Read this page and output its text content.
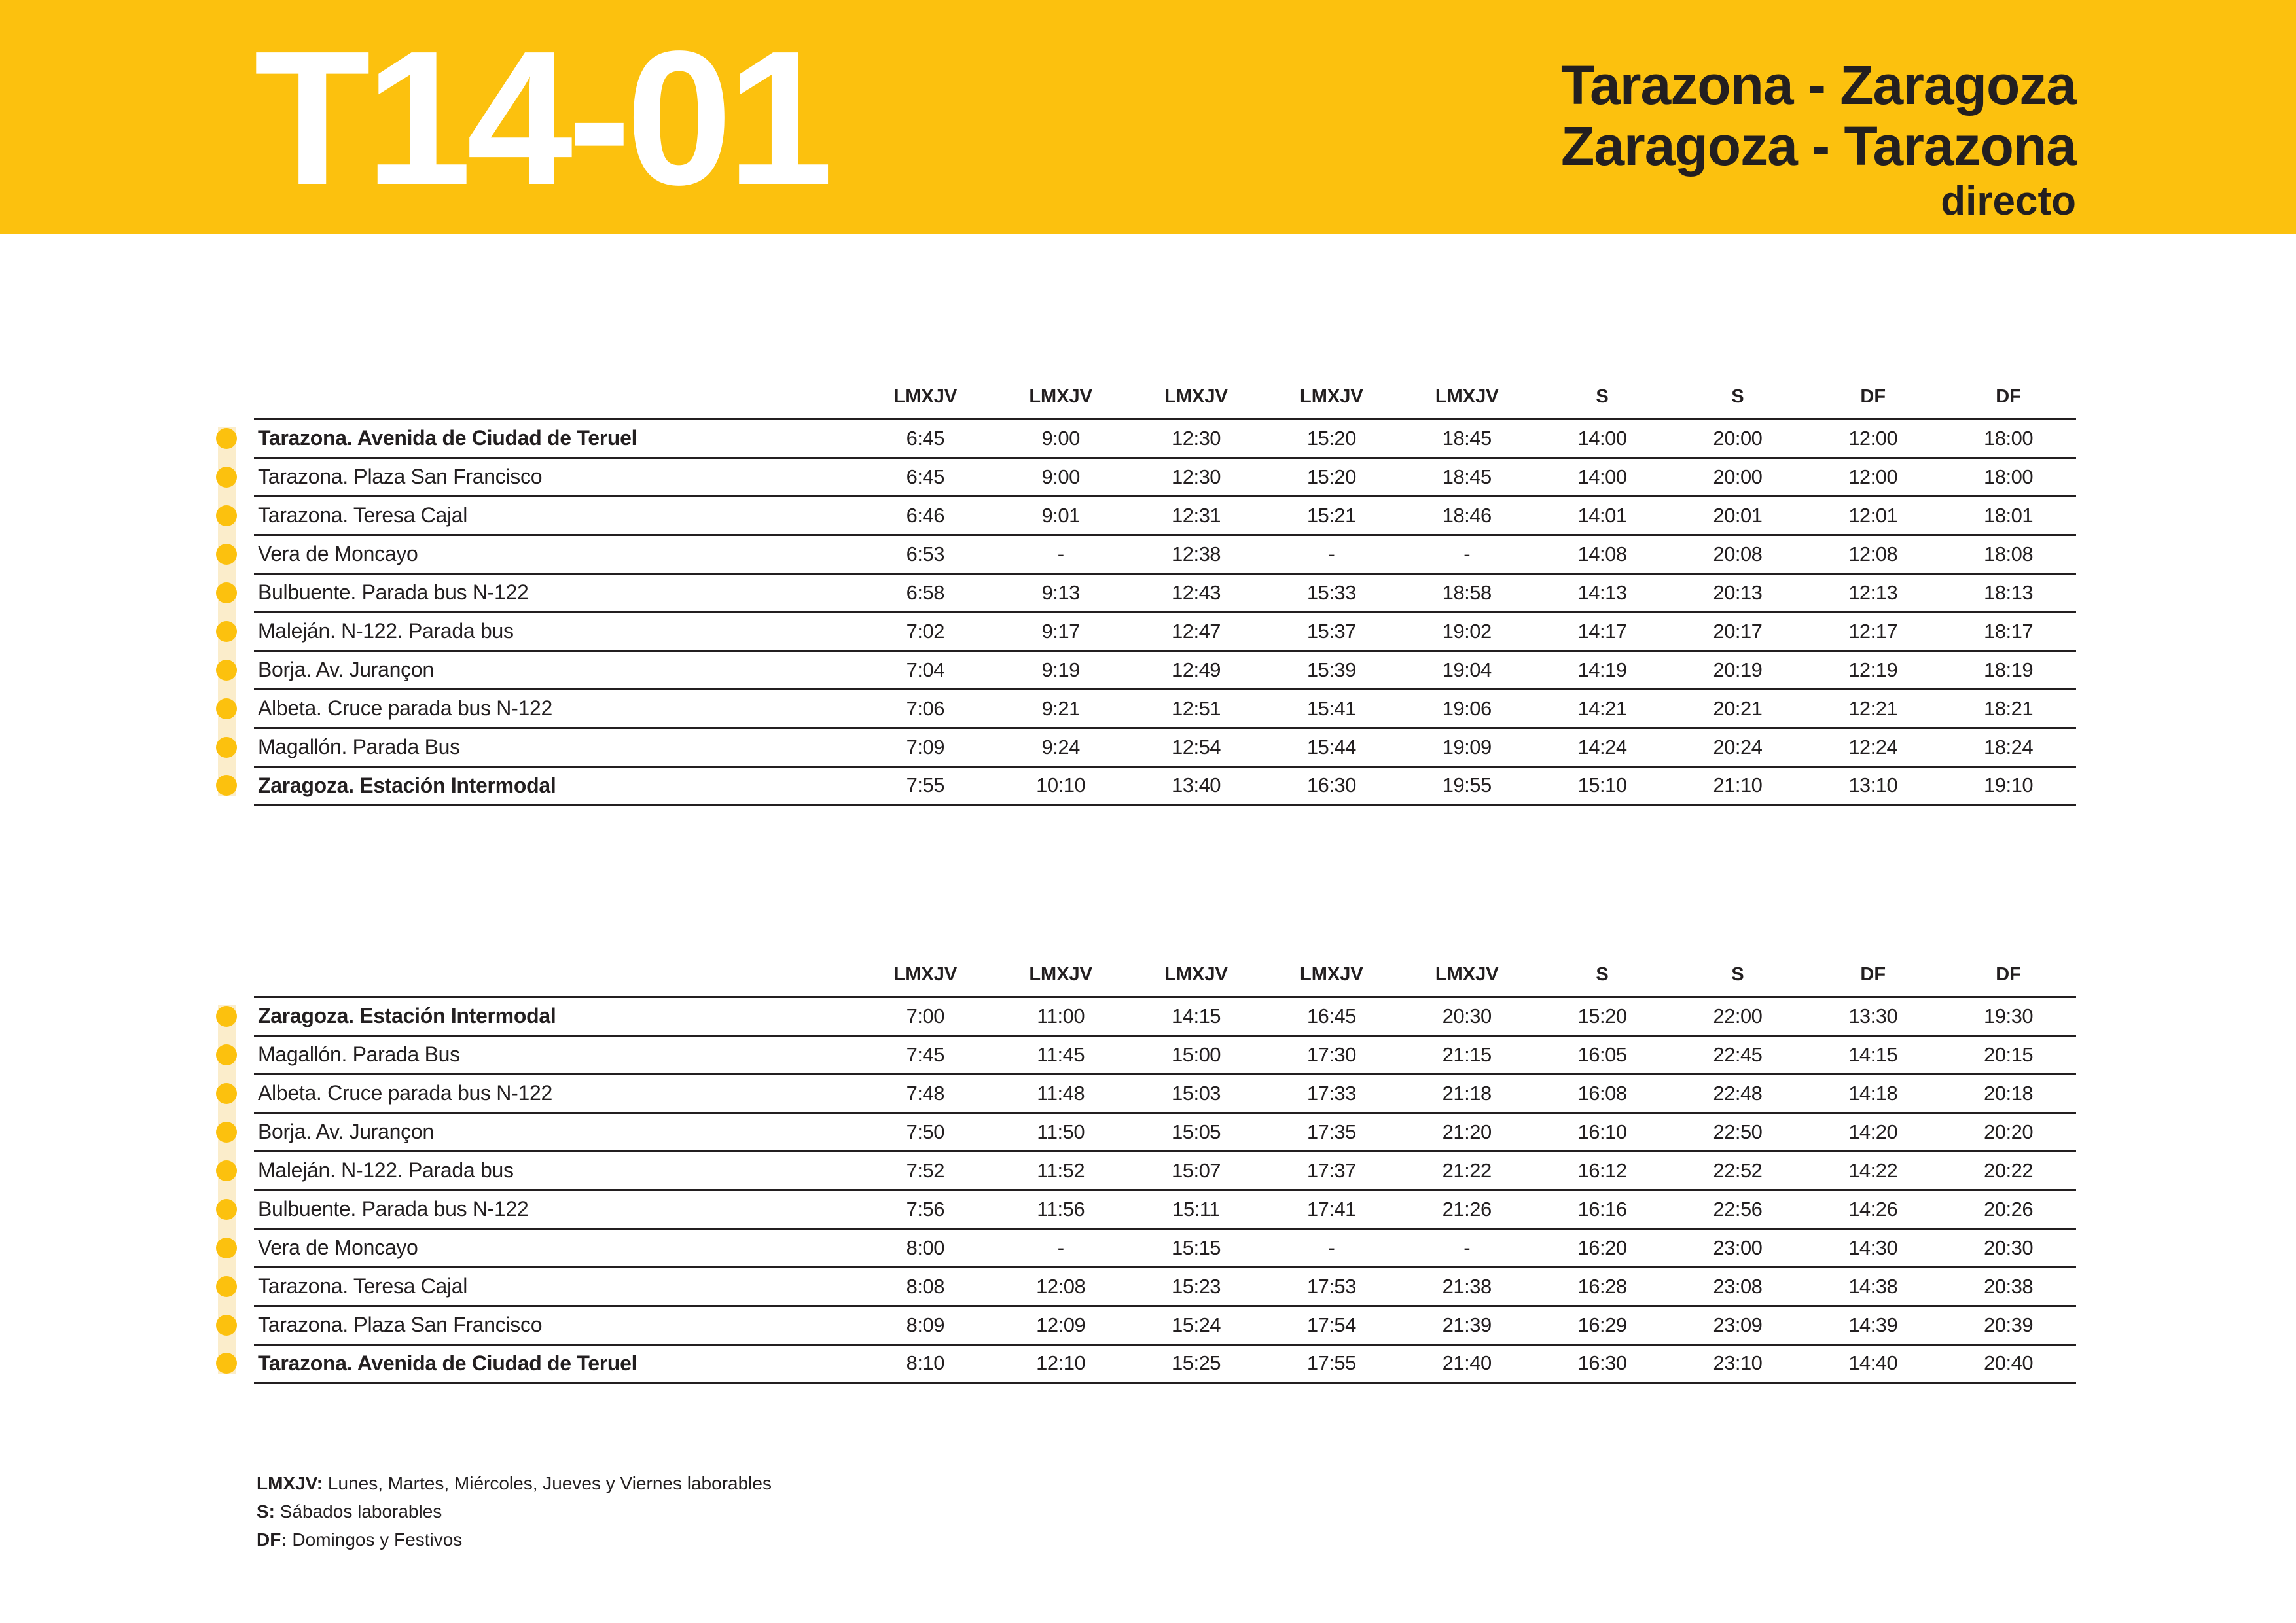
T14-01	Tarazona - Zaragoza
Zaragoza - Tarazona
directo
	LMXJV	LMXJV	LMXJV	LMXJV	LMXJV	S	S	DF	DF

Tarazona. Avenida de Ciudad de Teruel	6:45	9:00	12:30	15:20	18:45	14:00	20:00	12:00	18:00

Tarazona. Plaza San Francisco	6:45	9:00	12:30	15:20	18:45	14:00	20:00	12:00	18:00

Tarazona. Teresa Cajal	6:46	9:01	12:31	15:21	18:46	14:01	20:01	12:01	18:01

Vera de Moncayo	6:53	-	12:38	-	-	14:08	20:08	12:08	18:08

Bulbuente. Parada bus N-122	6:58	9:13	12:43	15:33	18:58	14:13	20:13	12:13	18:13

Maleján. N-122. Parada bus	7:02	9:17	12:47	15:37	19:02	14:17	20:17	12:17	18:17

Borja. Av. Jurançon	7:04	9:19	12:49	15:39	19:04	14:19	20:19	12:19	18:19

Albeta. Cruce parada bus N-122	7:06	9:21	12:51	15:41	19:06	14:21	20:21	12:21	18:21

Magallón. Parada Bus	7:09	9:24	12:54	15:44	19:09	14:24	20:24	12:24	18:24

Zaragoza. Estación Intermodal	7:55	10:10	13:40	16:30	19:55	15:10	21:10	13:10	19:10
	LMXJV	LMXJV	LMXJV	LMXJV	LMXJV	S	S	DF	DF

Zaragoza. Estación Intermodal	7:00	11:00	14:15	16:45	20:30	15:20	22:00	13:30	19:30

Magallón. Parada Bus	7:45	11:45	15:00	17:30	21:15	16:05	22:45	14:15	20:15

Albeta. Cruce parada bus N-122	7:48	11:48	15:03	17:33	21:18	16:08	22:48	14:18	20:18

Borja. Av. Jurançon	7:50	11:50	15:05	17:35	21:20	16:10	22:50	14:20	20:20

Maleján. N-122. Parada bus	7:52	11:52	15:07	17:37	21:22	16:12	22:52	14:22	20:22

Bulbuente. Parada bus N-122	7:56	11:56	15:11	17:41	21:26	16:16	22:56	14:26	20:26

Vera de Moncayo	8:00	-	15:15	-	-	16:20	23:00	14:30	20:30

Tarazona. Teresa Cajal	8:08	12:08	15:23	17:53	21:38	16:28	23:08	14:38	20:38

Tarazona. Plaza San Francisco	8:09	12:09	15:24	17:54	21:39	16:29	23:09	14:39	20:39

Tarazona. Avenida de Ciudad de Teruel	8:10	12:10	15:25	17:55	21:40	16:30	23:10	14:40	20:40
LMXJV: Lunes, Martes, Miércoles, Jueves y Viernes laborables
S: Sábados laborables
DF: Domingos y Festivos
